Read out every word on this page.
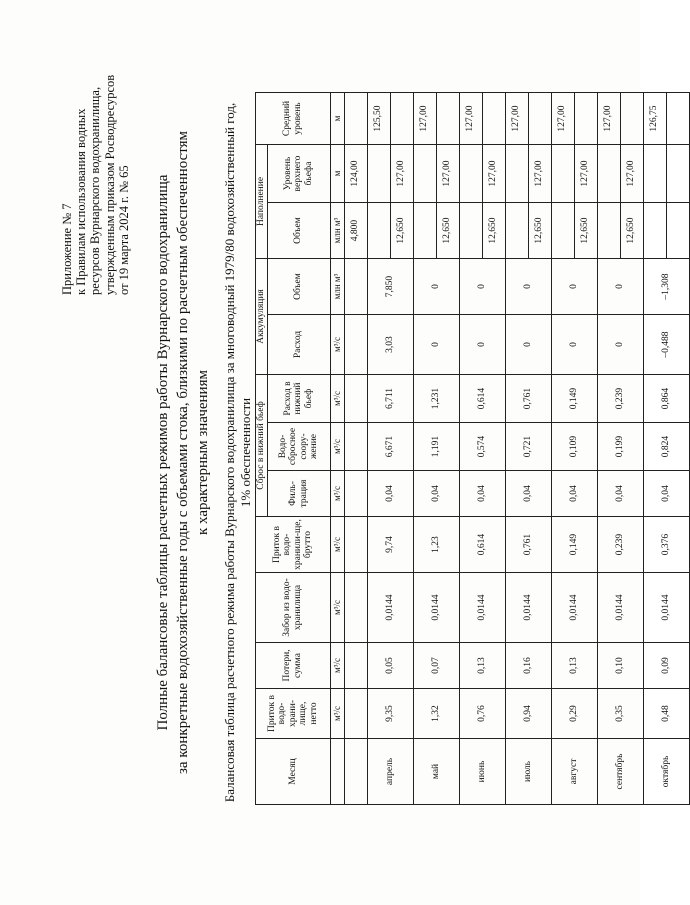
Приложение № 7 к Правилам использования водных ресурсов Вурнарского водохранилища, утвержденным приказом Росводресурсов от 19 марта 2024 г. № 65 Полные балансовые таблицы расчетных режимов работы Вурнарского водохранилища за конкретные водохозяйственные годы с объемами стока, близкими по расчетным обеспеченностям к характерным значениям Балансовая таблица расчетного режима работы Вурнарского водохранилища за многоводный 1979/80 водохозяйственный год, 1% обеспеченности
Месяц	Приток в водо-храни-лище, нетто	Потери, сумма	Забор из водо-хранилища	Приток в водо-хранили-ще, брутто	Сброс в нижний бьеф			Аккумуляция		Наполнение		Средний уровень
					Филь-трация	Водо-сбросное соору-жение	Расход в нижний бьеф	Расход	Объем	Объем	Уровень верхнего бьефа	
	м³/с	м³/с	м³/с	м³/с	м³/с	м³/с	м³/с	м³/с	млн м³	млн м³	м	м
										4,800	124,00	
апрель	9,35	0,05	0,0144	9,74	0,04	6,671	6,711	3,03	7,850			125,50
										12,650	127,00	
май	1,32	0,07	0,0144	1,23	0,04	1,191	1,231	0	0			127,00
										12,650	127,00	
июнь	0,76	0,13	0,0144	0,614	0,04	0,574	0,614	0	0			127,00
										12,650	127,00	
июль	0,94	0,16	0,0144	0,761	0,04	0,721	0,761	0	0			127,00
										12,650	127,00	
август	0,29	0,13	0,0144	0,149	0,04	0,109	0,149	0	0			127,00
										12,650	127,00	
сентябрь	0,35	0,10	0,0144	0,239	0,04	0,199	0,239	0	0			127,00
										12,650	127,00	
октябрь	0,48	0,09	0,0144	0,376	0,04	0,824	0,864	–0,488	–1,308			126,75
